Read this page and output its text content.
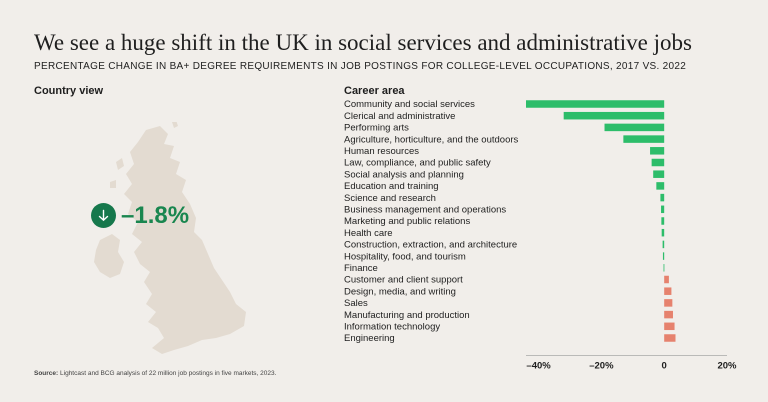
We see a huge shift in the UK in social services and administrative jobs
PERCENTAGE CHANGE IN BA+ DEGREE REQUIREMENTS IN JOB POSTINGS FOR COLLEGE-LEVEL OCCUPATIONS, 2017 VS. 2022
Country view
–1.8%
Career area
Community and social services
Clerical and administrative
Performing arts
Agriculture, horticulture, and the outdoors
Human resources
Law, compliance, and public safety
Social analysis and planning
Education and training
Science and research
Business management and operations
Marketing and public relations
Health care
Construction, extraction, and architecture
Hospitality, food, and tourism
Finance
Customer and client support
Design, media, and writing
Sales
Manufacturing and production
Information technology
Engineering
–40%	–20%	0	20%
Source: Lightcast and BCG analysis of 22 million job postings in five markets, 2023.
